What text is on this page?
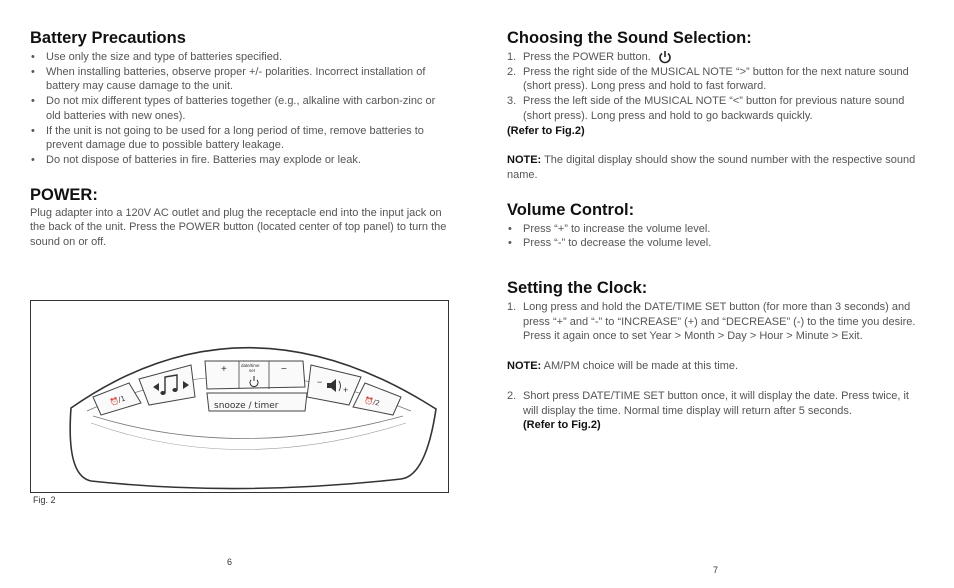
Battery Precautions
• Use only the size and type of batteries specified.
• When installing batteries, observe proper +/- polarities. Incorrect installation of battery may cause damage to the unit.
• Do not mix different types of batteries together (e.g., alkaline with carbon-zinc or old batteries with new ones).
• If the unit is not going to be used for a long period of time, remove batteries to prevent damage due to possible battery leakage.
• Do not dispose of batteries in fire. Batteries may explode or leak.
POWER:

Plug adapter into a 120V AC outlet and plug the receptacle end into the input jack on the back of the unit. Press the POWER button (located center of top panel) to turn the sound on or off.

+	date/time
set	−
snooze / timer
−
+
⏰/1	⏰/2
Fig. 2
6
Choosing the Sound Selection:
1. Press the POWER button.
2. Press the right side of the MUSICAL NOTE “>” button for the next nature sound (short press). Long press and hold to fast forward.
3. Press the left side of the MUSICAL NOTE “<” button for previous nature sound (short press). Long press and hold to go backwards quickly.
(Refer to Fig.2)

NOTE: The digital display should show the sound number with the respective sound name.

Volume Control:
• Press “+” to increase the volume level.
• Press “-” to decrease the volume level.
Setting the Clock:
1. Long press and hold the DATE/TIME SET button (for more than 3 seconds) and press “+” and “-” to “INCREASE” (+) and “DECREASE” (-) to the time you desire. Press it again once to set Year > Month > Day > Hour > Minute > Exit.

NOTE: AM/PM choice will be made at this time.

2. Short press DATE/TIME SET button once, it will display the date. Press twice, it will display the time. Normal time display will return after 5 seconds.
(Refer to Fig.2)
7
